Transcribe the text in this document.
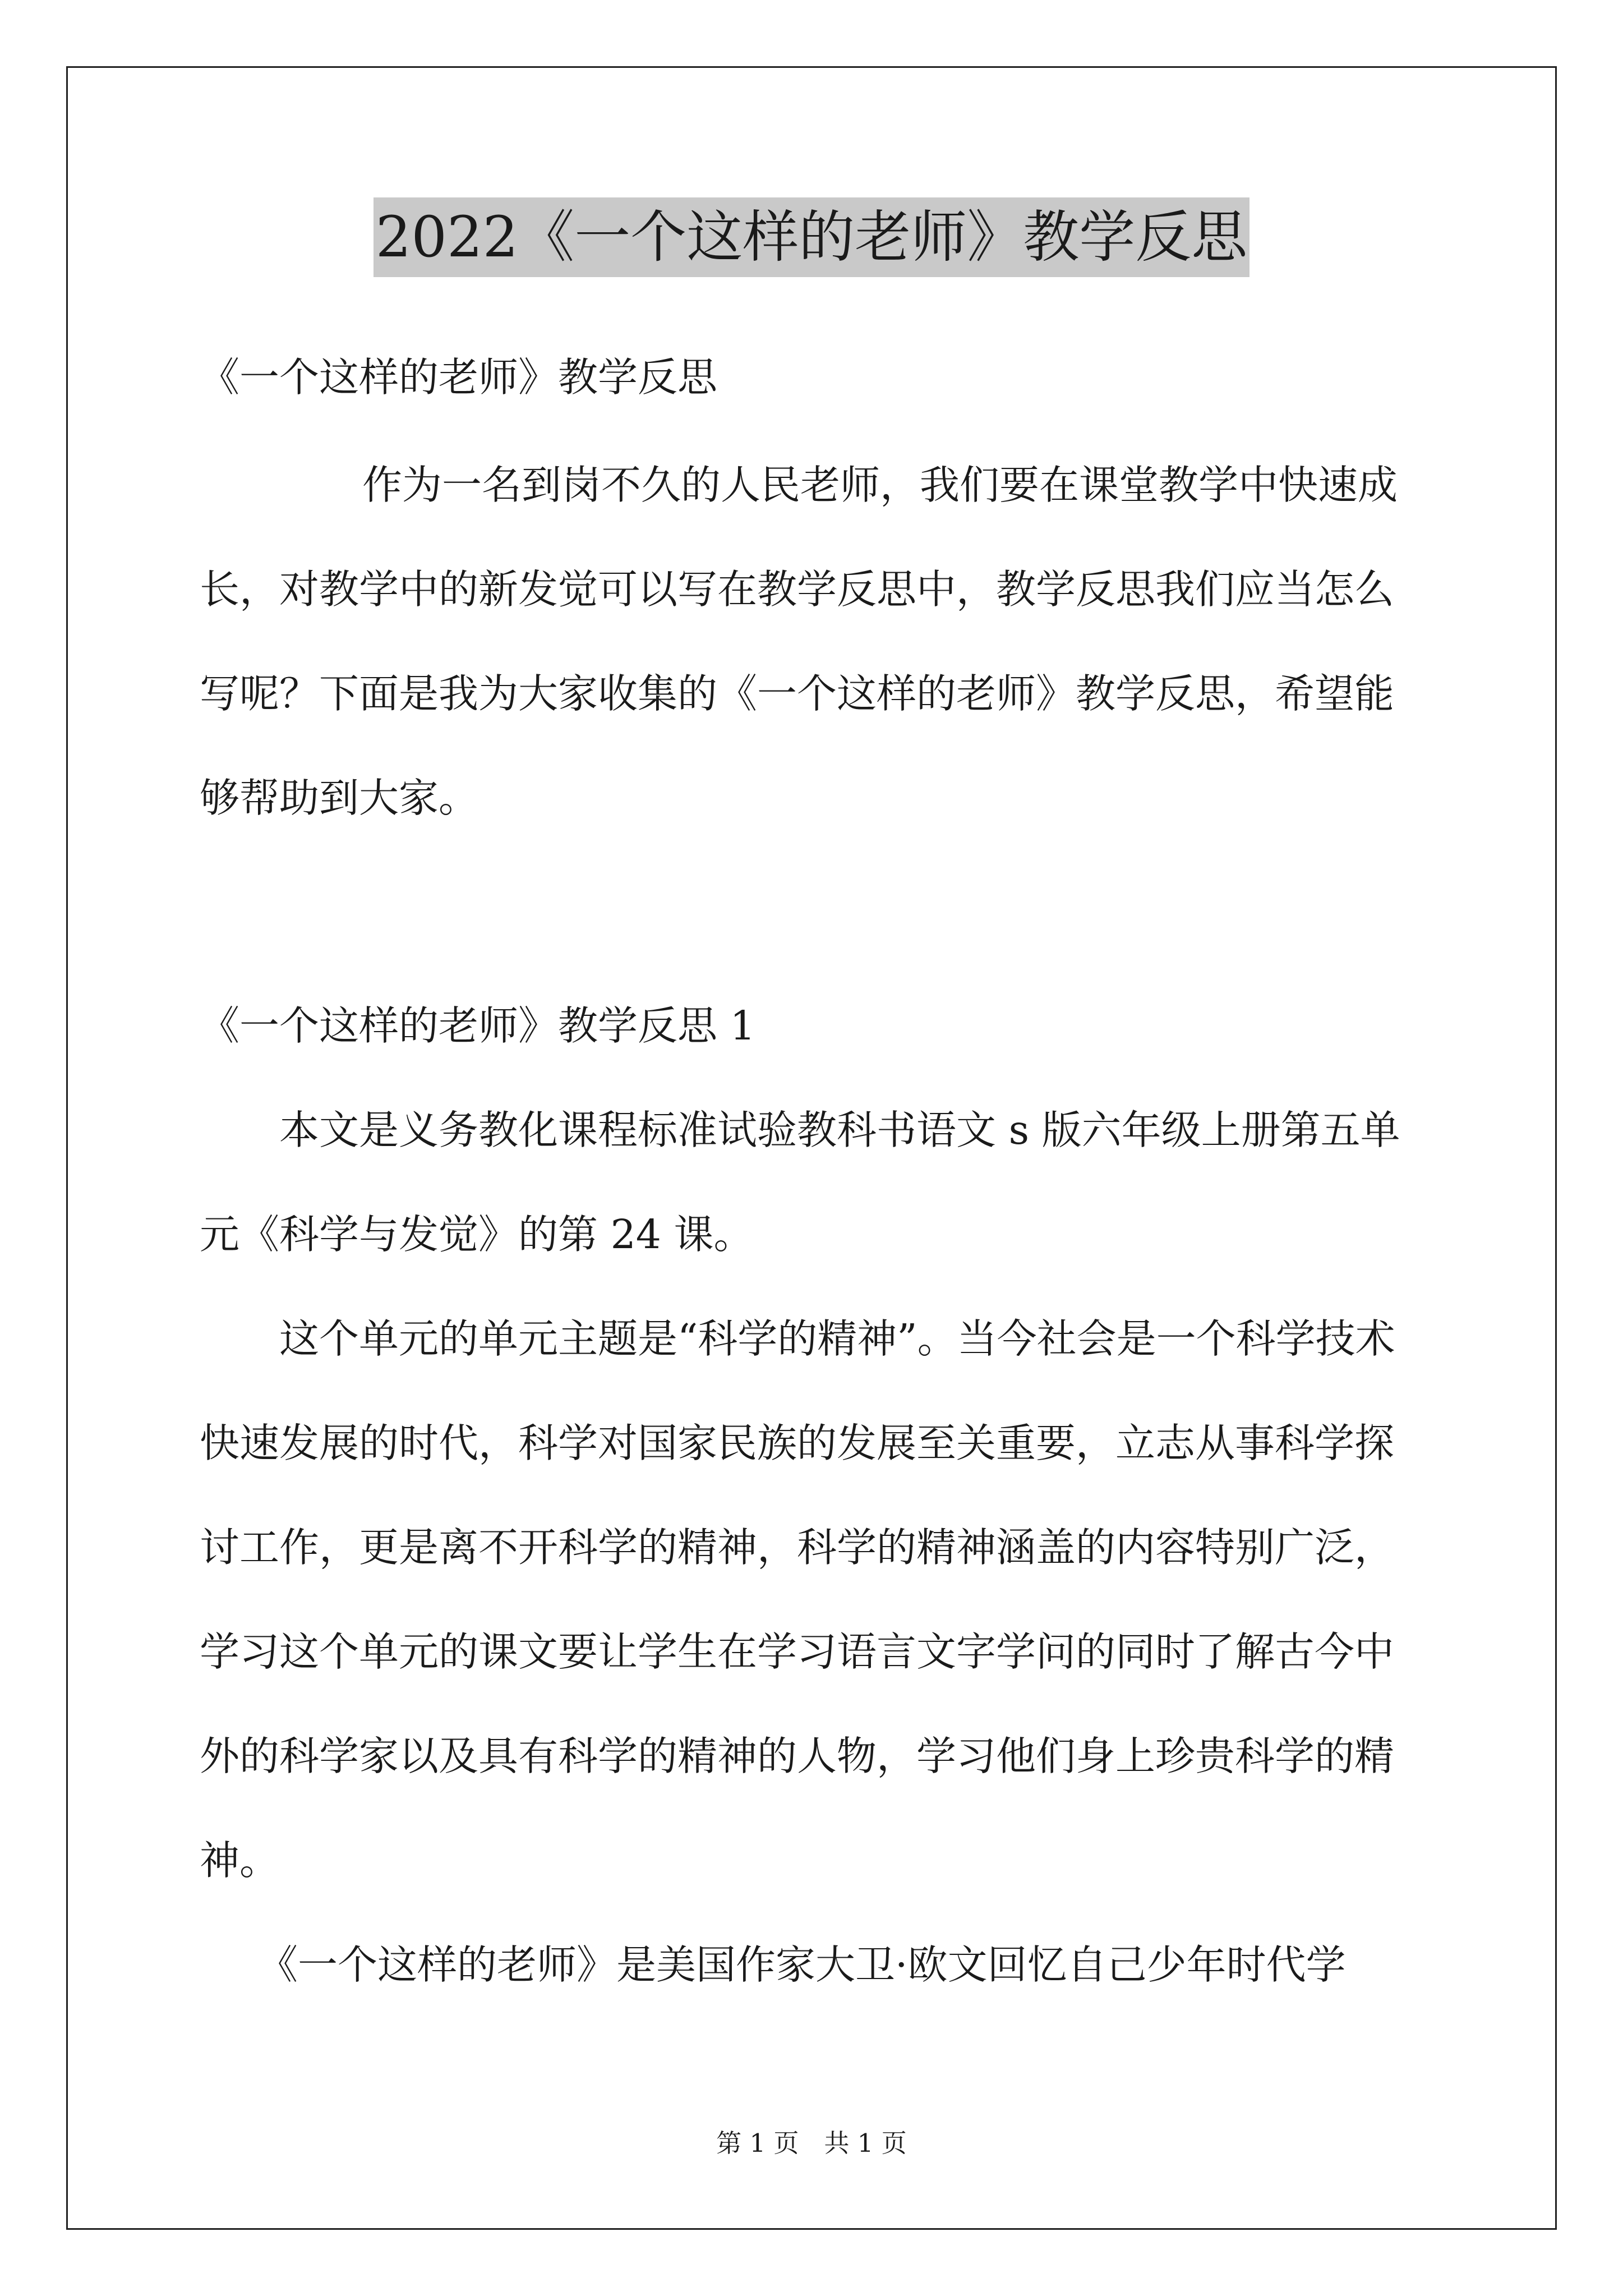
2022《一个这样的老师》教学反思
《一个这样的老师》教学反思
作为一名到岗不久的人民老师，我们要在课堂教学中快速成
长，对教学中的新发觉可以写在教学反思中，教学反思我们应当怎么
写呢？下面是我为大家收集的《一个这样的老师》教学反思，希望能
够帮助到大家。
《一个这样的老师》教学反思 1
本文是义务教化课程标准试验教科书语文 s 版六年级上册第五单
元《科学与发觉》的第 24 课。
这个单元的单元主题是“科学的精神”。当今社会是一个科学技术
快速发展的时代，科学对国家民族的发展至关重要，立志从事科学探
讨工作，更是离不开科学的精神，科学的精神涵盖的内容特别广泛，
学习这个单元的课文要让学生在学习语言文字学问的同时了解古今中
外的科学家以及具有科学的精神的人物，学习他们身上珍贵科学的精
神。
《一个这样的老师》是美国作家大卫·欧文回忆自己少年时代学
第 1 页　共 1 页
